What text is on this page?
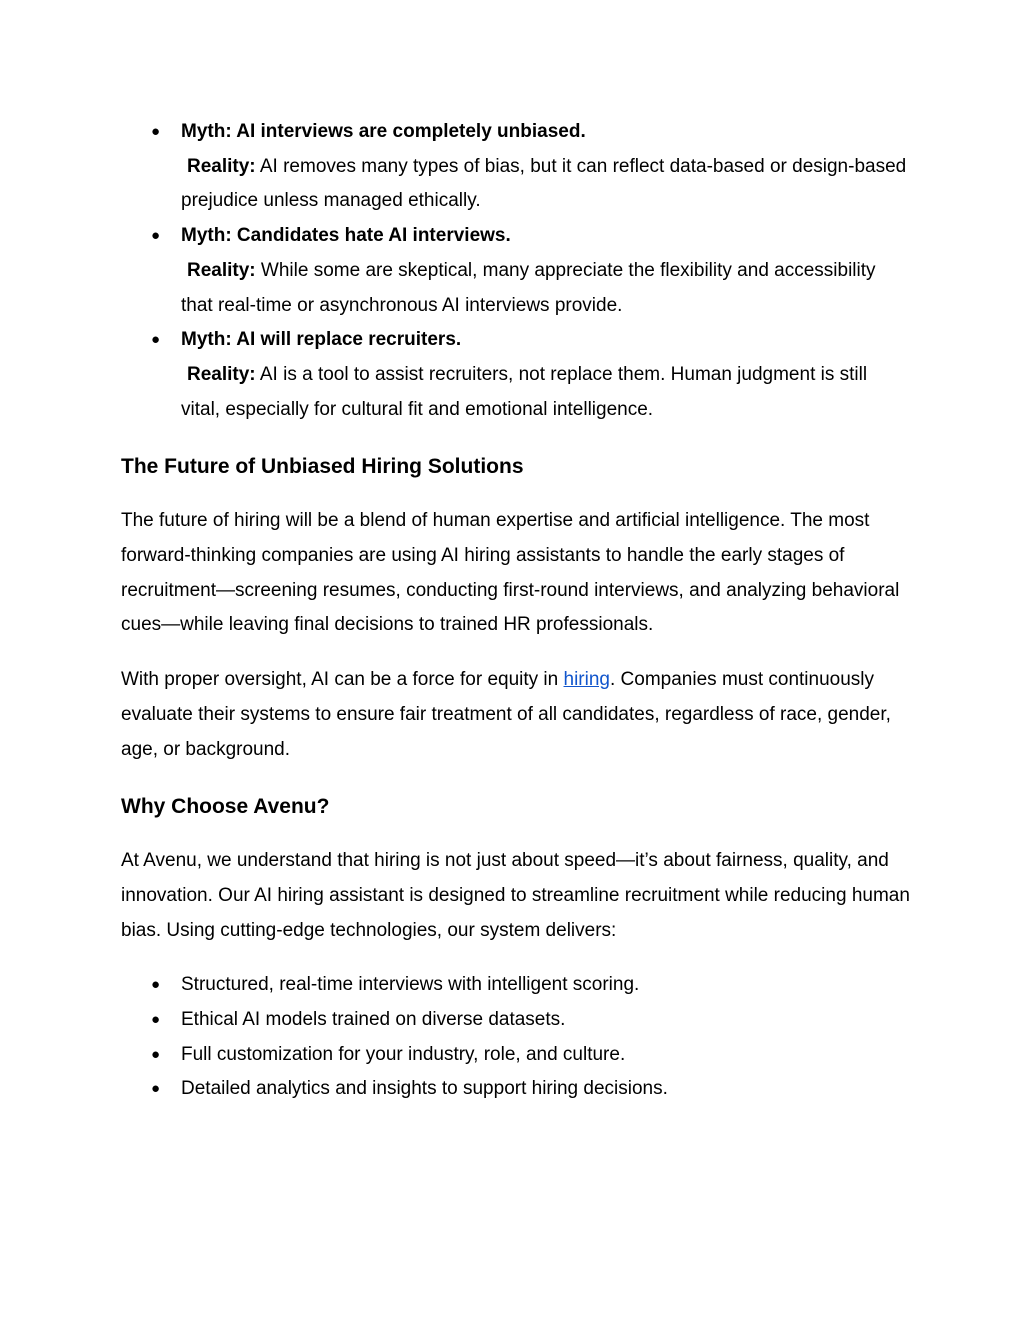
● Myth: AI interviews are completely unbiased.
Reality: AI removes many types of bias, but it can reflect data-based or design-based prejudice unless managed ethically.
● Myth: Candidates hate AI interviews.
Reality: While some are skeptical, many appreciate the flexibility and accessibility that real-time or asynchronous AI interviews provide.
● Myth: AI will replace recruiters.
Reality: AI is a tool to assist recruiters, not replace them. Human judgment is still vital, especially for cultural fit and emotional intelligence.
The Future of Unbiased Hiring Solutions

The future of hiring will be a blend of human expertise and artificial intelligence. The most forward-thinking companies are using AI hiring assistants to handle the early stages of recruitment—screening resumes, conducting first-round interviews, and analyzing behavioral cues—while leaving final decisions to trained HR professionals.

With proper oversight, AI can be a force for equity in hiring. Companies must continuously evaluate their systems to ensure fair treatment of all candidates, regardless of race, gender, age, or background.

Why Choose Avenu?

At Avenu, we understand that hiring is not just about speed—it’s about fairness, quality, and innovation. Our AI hiring assistant is designed to streamline recruitment while reducing human bias. Using cutting-edge technologies, our system delivers:

● Structured, real-time interviews with intelligent scoring.
● Ethical AI models trained on diverse datasets.
● Full customization for your industry, role, and culture.
● Detailed analytics and insights to support hiring decisions.
